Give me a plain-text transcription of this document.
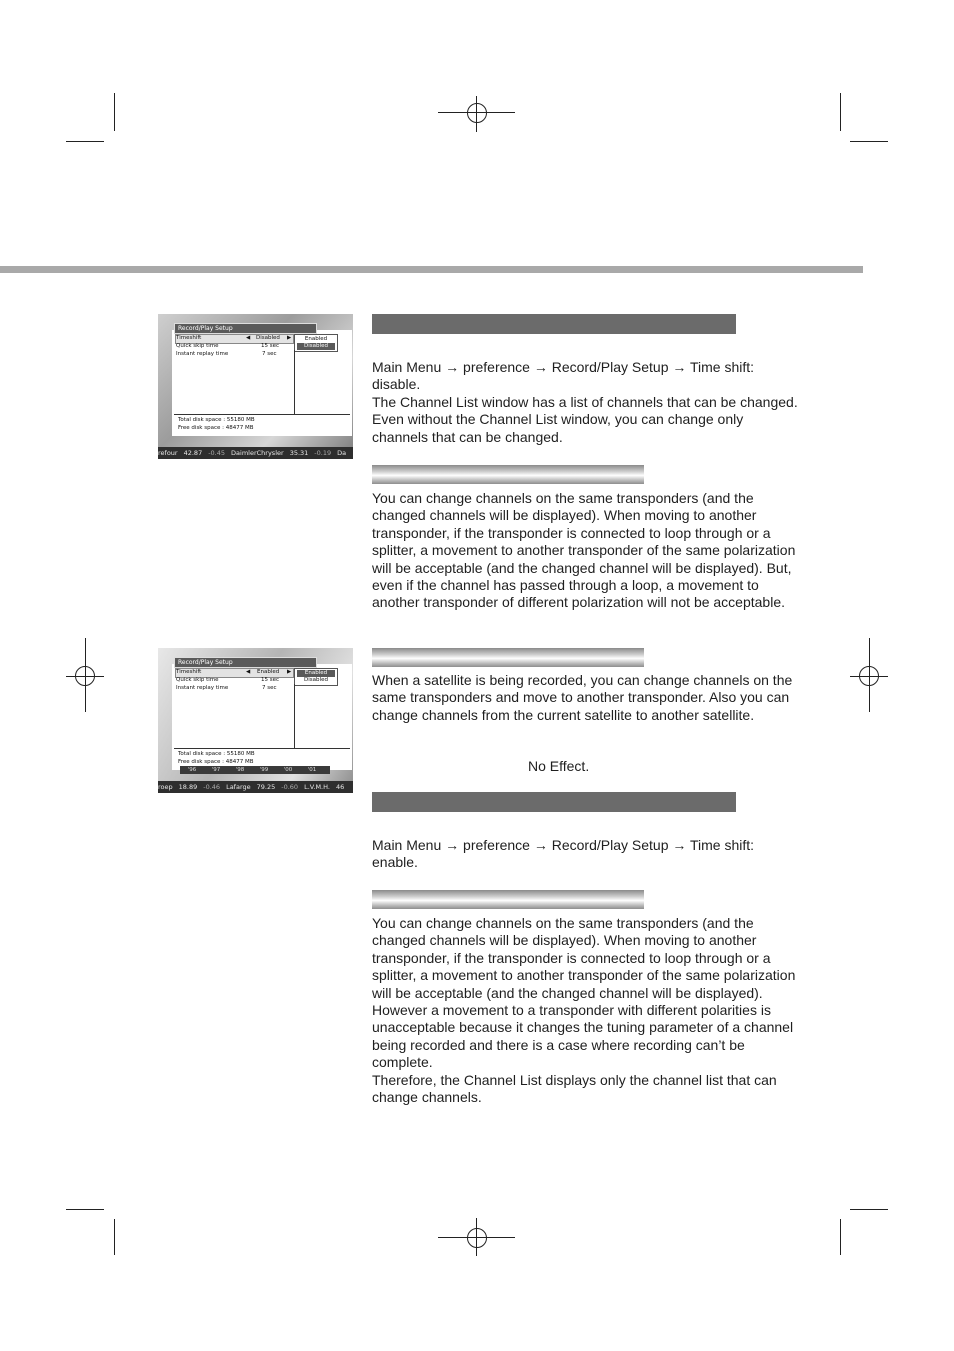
Record/Play Setup
Timeshift	◀ Disabled ▶
Quick skip time	15 sec
Instant replay time	7 sec
Enabled
Disabled
Total disk space : 55180 MB
Free disk space : 48477 MB
refour 42.87 -0.45 DaimlerChrysler 35.31 -0.19 Da
Record/Play Setup
Timeshift	◀ Enabled ▶
Quick skip time	15 sec
Instant replay time	7 sec
Enabled
Disabled
Total disk space : 55180 MB
Free disk space : 48477 MB
'96	'97	'98	'99	'00	'01
roep 18.89 -0.46 Lafarge 79.25 -0.60 L.V.M.H. 46

Main Menu → preference → Record/Play Setup → Time shift: disable.

The Channel List window has a list of channels that can be changed. Even without the Channel List window, you can change only channels that can be changed.

You can change channels on the same transponders (and the changed channels will be displayed). When moving to another transponder, if the transponder is connected to loop through or a splitter, a movement to another transponder of the same polarization will be acceptable (and the changed channel will be displayed). But, even if the channel has passed through a loop, a movement to another transponder of different polarization will not be acceptable.
When a satellite is being recorded, you can change channels on the same transponders and move to another transponder. Also you can change channels from the current satellite to another satellite.
No Effect.
Main Menu → preference → Record/Play Setup → Time shift: enable.

You can change channels on the same transponders (and the changed channels will be displayed). When moving to another transponder, if the transponder is connected to loop through or a splitter, a movement to another transponder of the same polarization will be acceptable (and the changed channel will be displayed).

However a movement to a transponder with different polarities is unacceptable because it changes the tuning parameter of a channel being recorded and there is a case where recording can’t be complete.

Therefore, the Channel List displays only the channel list that can change channels.
